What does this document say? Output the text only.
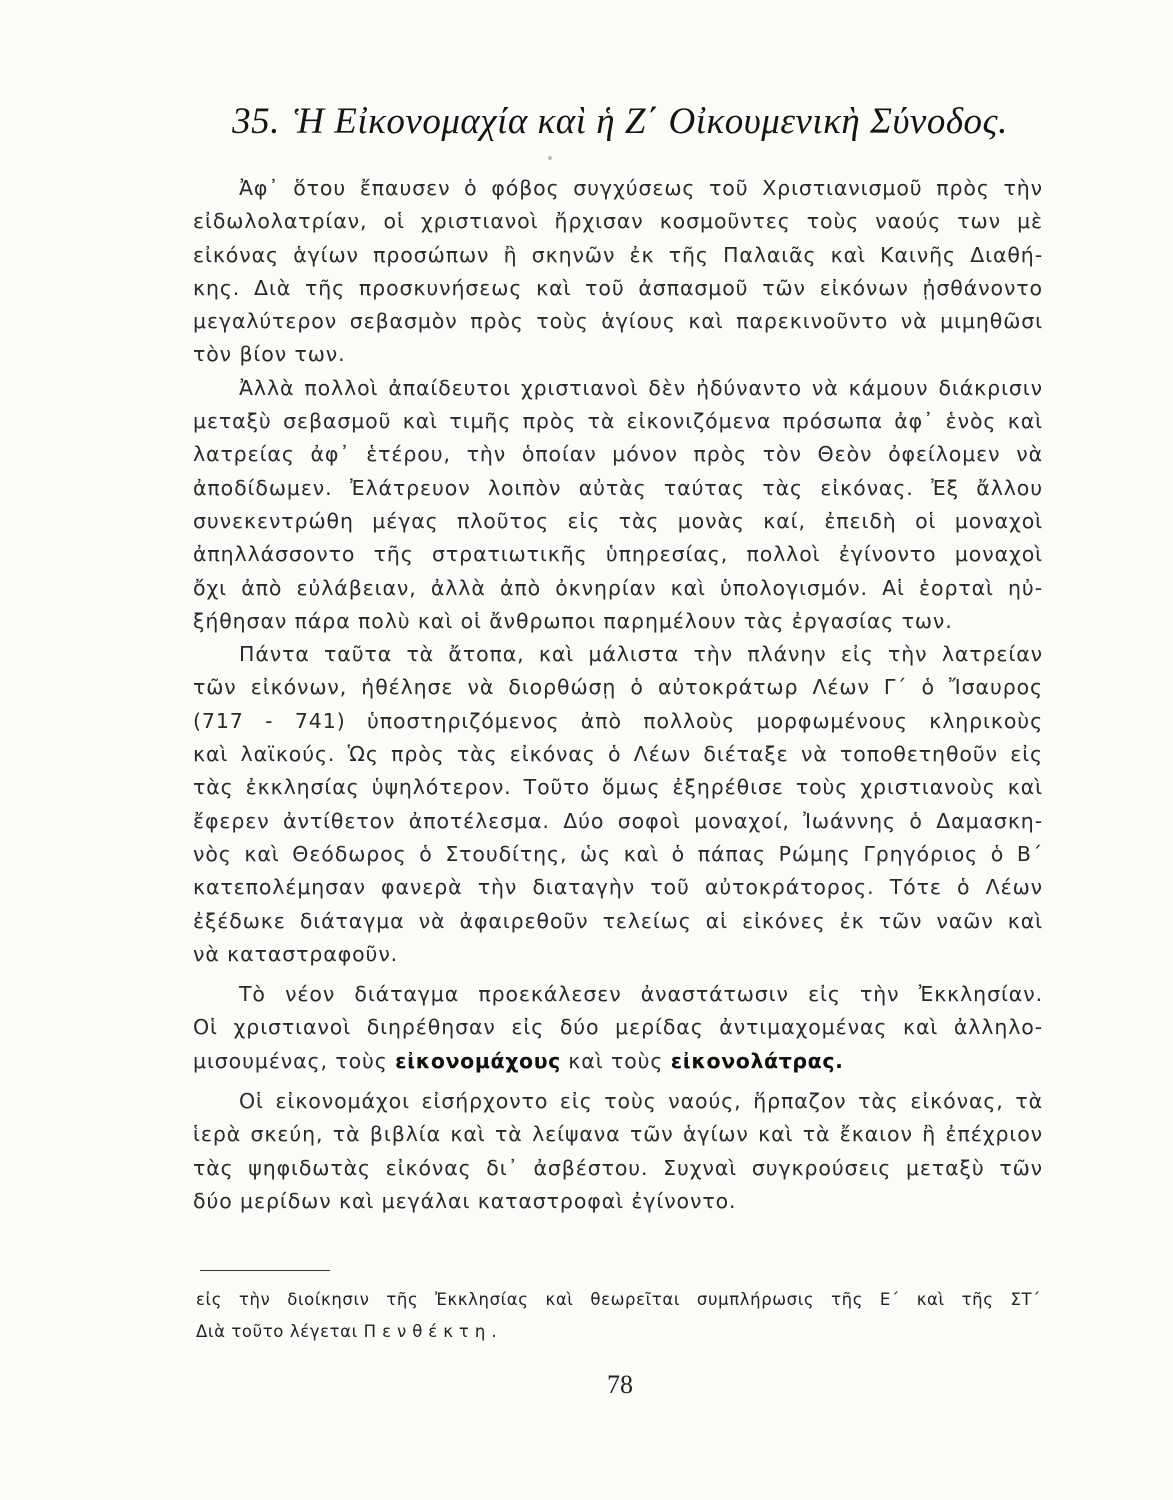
35. Ἡ Εἰκονομαχία καὶ ἡ Ζ΄ Οἰκουμενικὴ Σύνοδος.
Ἀφ᾽ ὅτου ἔπαυσεν ὁ φόβος συγχύσεως τοῦ Χριστιανισμοῦ πρὸς τὴν
εἰδωλολατρίαν, οἱ χριστιανοὶ ἤρχισαν κοσμοῦντες τοὺς ναούς των μὲ
εἰκόνας ἁγίων προσώπων ἢ σκηνῶν ἐκ τῆς Παλαιᾶς καὶ Καινῆς Διαθή-
κης. Διὰ τῆς προσκυνήσεως καὶ τοῦ ἀσπασμοῦ τῶν εἰκόνων ᾐσθάνοντο
μεγαλύτερον σεβασμὸν πρὸς τοὺς ἁγίους καὶ παρεκινοῦντο νὰ μιμηθῶσι
τὸν βίον των.
Ἀλλὰ πολλοὶ ἀπαίδευτοι χριστιανοὶ δὲν ἠδύναντο νὰ κάμουν διάκρισιν
μεταξὺ σεβασμοῦ καὶ τιμῆς πρὸς τὰ εἰκονιζόμενα πρόσωπα ἀφ᾽ ἑνὸς καὶ
λατρείας ἀφ᾽ ἑτέρου, τὴν ὁποίαν μόνον πρὸς τὸν Θεὸν ὀφείλομεν νὰ
ἀποδίδωμεν. Ἐλάτρευον λοιπὸν αὐτὰς ταύτας τὰς εἰκόνας. Ἐξ ἄλλου
συνεκεντρώθη μέγας πλοῦτος εἰς τὰς μονὰς καί, ἐπειδὴ οἱ μοναχοὶ
ἀπηλλάσσοντο τῆς στρατιωτικῆς ὑπηρεσίας, πολλοὶ ἐγίνοντο μοναχοὶ
ὄχι ἀπὸ εὐλάβειαν, ἀλλὰ ἀπὸ ὀκνηρίαν καὶ ὑπολογισμόν. Αἱ ἑορταὶ ηὐ-
ξήθησαν πάρα πολὺ καὶ οἱ ἄνθρωποι παρημέλουν τὰς ἐργασίας των.
Πάντα ταῦτα τὰ ἄτοπα, καὶ μάλιστα τὴν πλάνην εἰς τὴν λατρείαν
τῶν εἰκόνων, ἠθέλησε νὰ διορθώσῃ ὁ αὐτοκράτωρ Λέων Γ΄ ὁ Ἴσαυρος
(717 - 741) ὑποστηριζόμενος ἀπὸ πολλοὺς μορφωμένους κληρικοὺς
καὶ λαϊκούς. Ὡς πρὸς τὰς εἰκόνας ὁ Λέων διέταξε νὰ τοποθετηθοῦν εἰς
τὰς ἐκκλησίας ὑψηλότερον. Τοῦτο ὅμως ἐξηρέθισε τοὺς χριστιανοὺς καὶ
ἔφερεν ἀντίθετον ἀποτέλεσμα. Δύο σοφοὶ μοναχοί, Ἰωάννης ὁ Δαμασκη-
νὸς καὶ Θεόδωρος ὁ Στουδίτης, ὡς καὶ ὁ πάπας Ρώμης Γρηγόριος ὁ Β΄
κατεπολέμησαν φανερὰ τὴν διαταγὴν τοῦ αὐτοκράτορος. Τότε ὁ Λέων
ἐξέδωκε διάταγμα νὰ ἀφαιρεθοῦν τελείως αἱ εἰκόνες ἐκ τῶν ναῶν καὶ
νὰ καταστραφοῦν.
Τὸ νέον διάταγμα προεκάλεσεν ἀναστάτωσιν εἰς τὴν Ἐκκλησίαν.
Οἱ χριστιανοὶ διηρέθησαν εἰς δύο μερίδας ἀντιμαχομένας καὶ ἀλληλο-
μισουμένας, τοὺς εἰκονομάχους καὶ τοὺς εἰκονολάτρας.
Οἱ εἰκονομάχοι εἰσήρχοντο εἰς τοὺς ναούς, ἥρπαζον τὰς εἰκόνας, τὰ
ἱερὰ σκεύη, τὰ βιβλία καὶ τὰ λείψανα τῶν ἁγίων καὶ τὰ ἔκαιον ἢ ἐπέχριον
τὰς ψηφιδωτὰς εἰκόνας δι᾽ ἀσβέστου. Συχναὶ συγκρούσεις μεταξὺ τῶν
δύο μερίδων καὶ μεγάλαι καταστροφαὶ ἐγίνοντο.
εἰς τὴν διοίκησιν τῆς Ἐκκλησίας καὶ θεωρεῖται συμπλήρωσις τῆς Ε΄ καὶ τῆς ΣΤ΄
Διὰ τοῦτο λέγεται Πενθέκτη.
78
